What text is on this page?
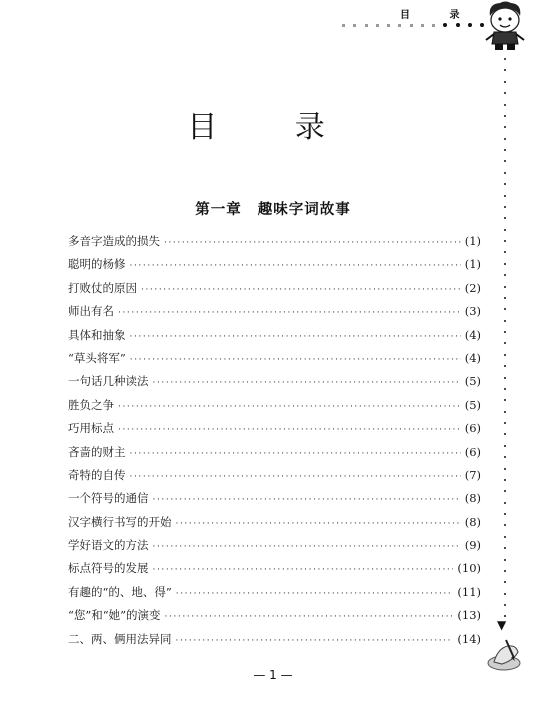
目 录
▼
目 录
第一章 趣味字词故事
多音字造成的损失 ·····	(1)
聪明的杨修 ·····	(1)
打败仗的原因 ·····	(2)
师出有名 ·····	(3)
具体和抽象 ·····	(4)
“草头将军” ·····	(4)
一句话几种读法 ·····	(5)
胜负之争 ·····	(5)
巧用标点 ·····	(6)
吝啬的财主 ·····	(6)
奇特的自传 ·····	(7)
一个符号的通信 ·····	(8)
汉字横行书写的开始 ·····	(8)
学好语文的方法 ·····	(9)
标点符号的发展 ·····	(10)
有趣的“的、地、得” ·····	(11)
“您”和“她”的演变 ·····	(13)
二、两、俩用法异同 ·····	(14)
— 1 —
